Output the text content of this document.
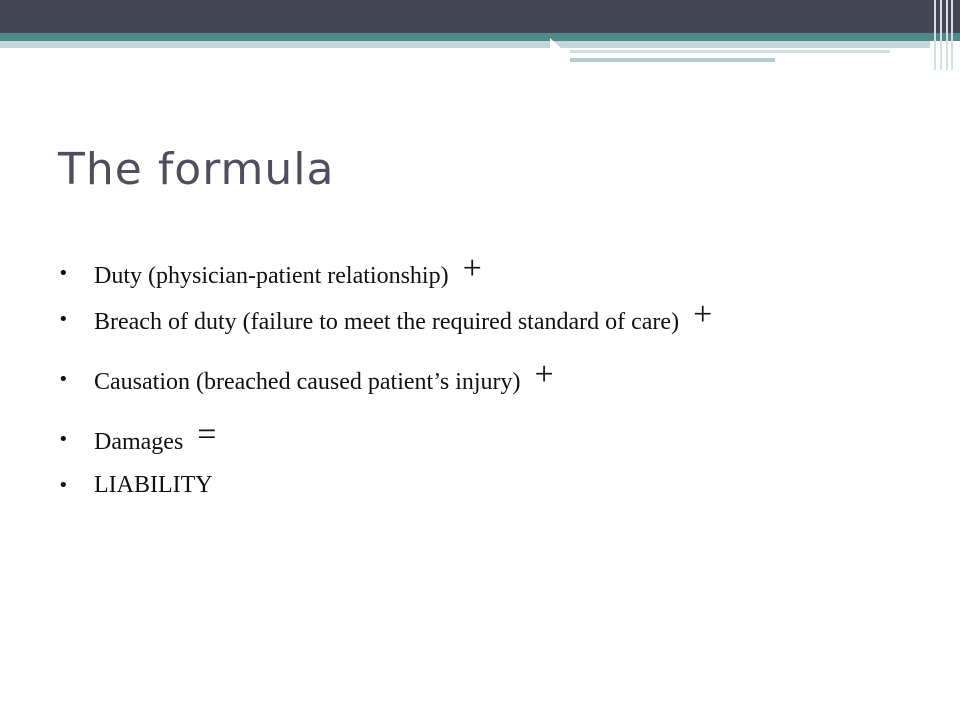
The formula
• Duty (physician-patient relationship) +
• Breach of duty (failure to meet the required standard of care) +
• Causation (breached caused patient’s injury) +
• Damages =
• LIABILITY
